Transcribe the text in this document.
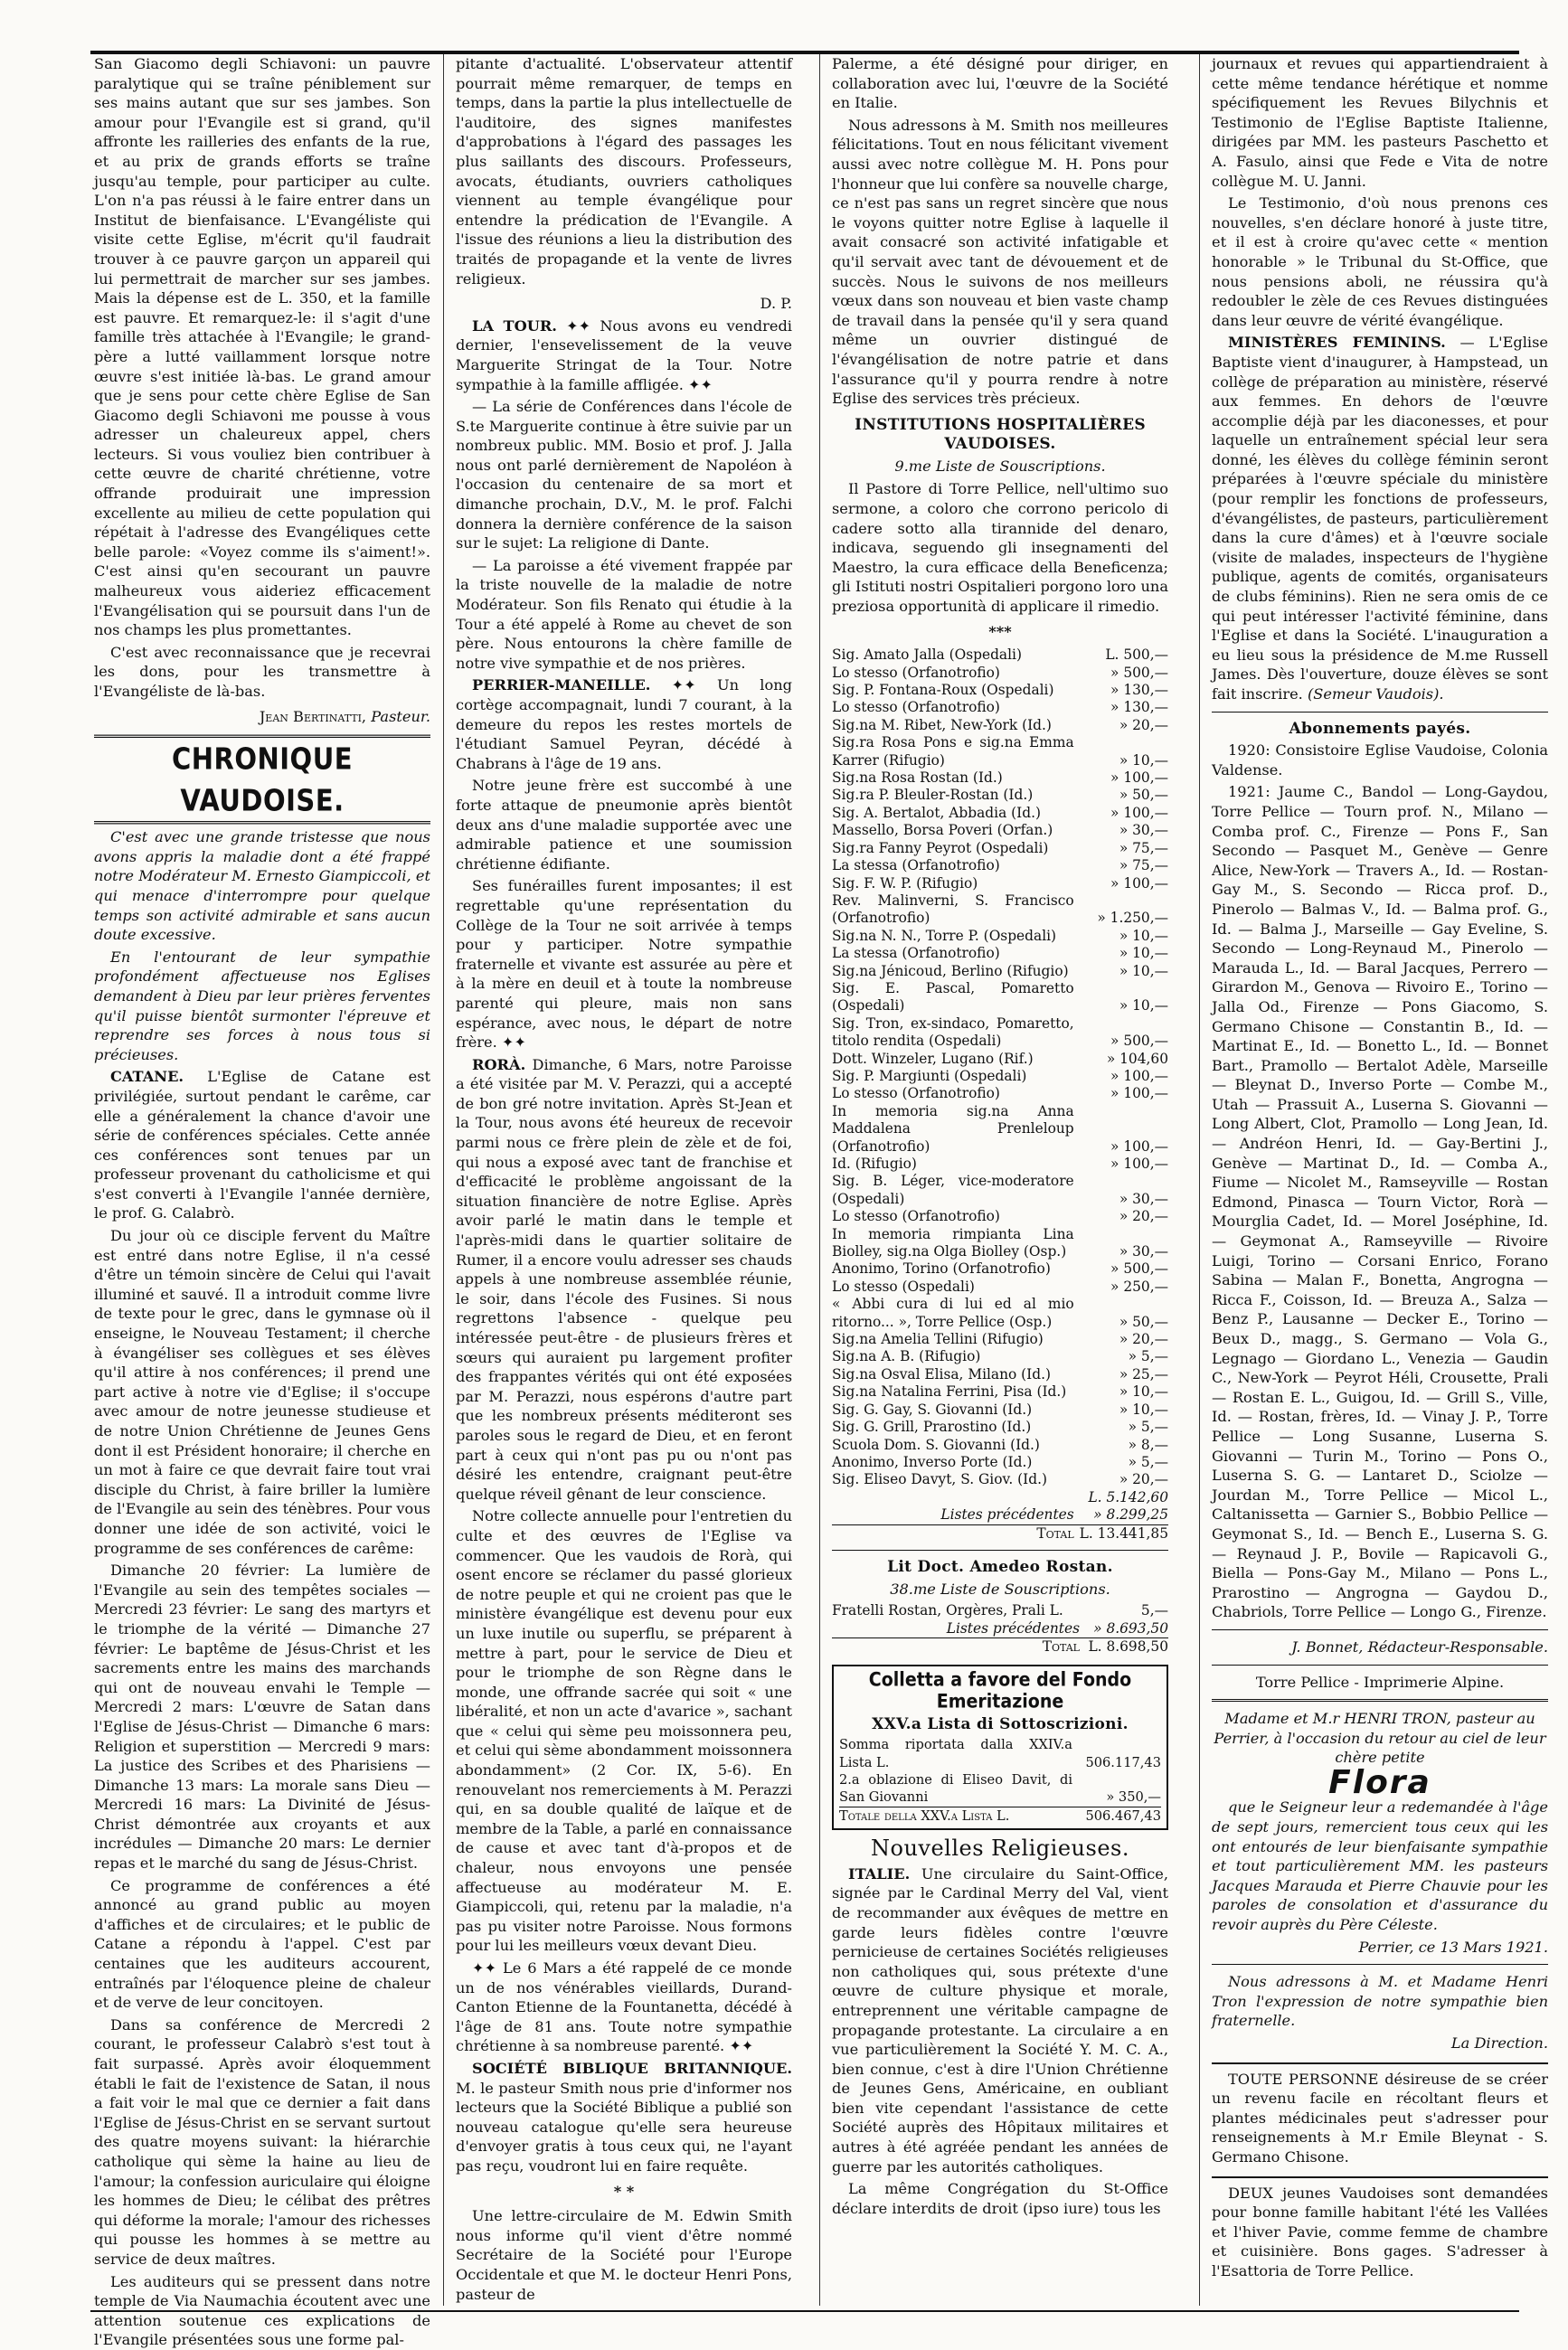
San Giacomo degli Schiavoni: un pauvre paralytique qui se traîne péniblement sur ses mains autant que sur ses jambes. Son amour pour l'Evangile est si grand, qu'il affronte les railleries des enfants de la rue, et au prix de grands efforts se traîne jusqu'au temple, pour participer au culte. L'on n'a pas réussi à le faire entrer dans un Institut de bienfaisance. L'Evangéliste qui visite cette Eglise, m'écrit qu'il faudrait trouver à ce pauvre garçon un appareil qui lui permettrait de marcher sur ses jambes. Mais la dépense est de L. 350, et la famille est pauvre. Et remarquez-le: il s'agit d'une famille très attachée à l'Evangile; le grand-père a lutté vaillamment lorsque notre œuvre s'est initiée là-bas. Le grand amour que je sens pour cette chère Eglise de San Giacomo degli Schiavoni me pousse à vous adresser un chaleureux appel, chers lecteurs. Si vous vouliez bien contribuer à cette œuvre de charité chrétienne, votre offrande produirait une impression excellente au milieu de cette population qui répétait à l'adresse des Evangéliques cette belle parole: «Voyez comme ils s'aiment!». C'est ainsi qu'en secourant un pauvre malheureux vous aideriez efficacement l'Evangélisation qui se poursuit dans l'un de nos champs les plus promettantes.

C'est avec reconnaissance que je recevrai les dons, pour les transmettre à l'Evangéliste de là-bas.

Jean Bertinatti, Pasteur.

CHRONIQUE VAUDOISE.

C'est avec une grande tristesse que nous avons appris la maladie dont a été frappé notre Modérateur M. Ernesto Giampiccoli, et qui menace d'interrompre pour quelque temps son activité admirable et sans aucun doute excessive.

En l'entourant de leur sympathie profondément affectueuse nos Eglises demandent à Dieu par leur prières ferventes qu'il puisse bientôt surmonter l'épreuve et reprendre ses forces à nous tous si précieuses.

CATANE. L'Eglise de Catane est privilégiée, surtout pendant le carême, car elle a généralement la chance d'avoir une série de conférences spéciales. Cette année ces conférences sont tenues par un professeur provenant du catholicisme et qui s'est converti à l'Evangile l'année dernière, le prof. G. Calabrò.

Du jour où ce disciple fervent du Maître est entré dans notre Eglise, il n'a cessé d'être un témoin sincère de Celui qui l'avait illuminé et sauvé. Il a introduit comme livre de texte pour le grec, dans le gymnase où il enseigne, le Nouveau Testament; il cherche à évangéliser ses collègues et ses élèves qu'il attire à nos conférences; il prend une part active à notre vie d'Eglise; il s'occupe avec amour de notre jeunesse studieuse et de notre Union Chrétienne de Jeunes Gens dont il est Président honoraire; il cherche en un mot à faire ce que devrait faire tout vrai disciple du Christ, à faire briller la lumière de l'Evangile au sein des ténèbres. Pour vous donner une idée de son activité, voici le programme de ses conférences de carême:

Dimanche 20 février: La lumière de l'Evangile au sein des tempêtes sociales — Mercredi 23 février: Le sang des martyrs et le triomphe de la vérité — Dimanche 27 février: Le baptême de Jésus-Christ et les sacrements entre les mains des marchands qui ont de nouveau envahi le Temple — Mercredi 2 mars: L'œuvre de Satan dans l'Eglise de Jésus-Christ — Dimanche 6 mars: Religion et superstition — Mercredi 9 mars: La justice des Scribes et des Pharisiens — Dimanche 13 mars: La morale sans Dieu — Mercredi 16 mars: La Divinité de Jésus-Christ démontrée aux croyants et aux incrédules — Dimanche 20 mars: Le dernier repas et le marché du sang de Jésus-Christ.

Ce programme de conférences a été annoncé au grand public au moyen d'affiches et de circulaires; et le public de Catane a répondu à l'appel. C'est par centaines que les auditeurs accourent, entraînés par l'éloquence pleine de chaleur et de verve de leur concitoyen.

Dans sa conférence de Mercredi 2 courant, le professeur Calabrò s'est tout à fait surpassé. Après avoir éloquemment établi le fait de l'existence de Satan, il nous a fait voir le mal que ce dernier a fait dans l'Eglise de Jésus-Christ en se servant surtout des quatre moyens suivant: la hiérarchie catholique qui sème la haine au lieu de l'amour; la confession auriculaire qui éloigne les hommes de Dieu; le célibat des prêtres qui déforme la morale; l'amour des richesses qui pousse les hommes à se mettre au service de deux maîtres.

Les auditeurs qui se pressent dans notre temple de Via Naumachia écoutent avec une attention soutenue ces explications de l'Evangile présentées sous une forme pal-

pitante d'actualité. L'observateur attentif pourrait même remarquer, de temps en temps, dans la partie la plus intellectuelle de l'auditoire, des signes manifestes d'approbations à l'égard des passages les plus saillants des discours. Professeurs, avocats, étudiants, ouvriers catholiques viennent au temple évangélique pour entendre la prédication de l'Evangile. A l'issue des réunions a lieu la distribution des traités de propagande et la vente de livres religieux.

D. P.

LA TOUR. ✦✦ Nous avons eu vendredi dernier, l'ensevelissement de la veuve Marguerite Stringat de la Tour. Notre sympathie à la famille affligée. ✦✦

— La série de Conférences dans l'école de S.te Marguerite continue à être suivie par un nombreux public. MM. Bosio et prof. J. Jalla nous ont parlé dernièrement de Napoléon à l'occasion du centenaire de sa mort et dimanche prochain, D.V., M. le prof. Falchi donnera la dernière conférence de la saison sur le sujet: La religione di Dante.

— La paroisse a été vivement frappée par la triste nouvelle de la maladie de notre Modérateur. Son fils Renato qui étudie à la Tour a été appelé à Rome au chevet de son père. Nous entourons la chère famille de notre vive sympathie et de nos prières.

PERRIER-MANEILLE. ✦✦ Un long cortège accompagnait, lundi 7 courant, à la demeure du repos les restes mortels de l'étudiant Samuel Peyran, décédé à Chabrans à l'âge de 19 ans.

Notre jeune frère est succombé à une forte attaque de pneumonie après bientôt deux ans d'une maladie supportée avec une admirable patience et une soumission chrétienne édifiante.

Ses funérailles furent imposantes; il est regrettable qu'une représentation du Collège de la Tour ne soit arrivée à temps pour y participer. Notre sympathie fraternelle et vivante est assurée au père et à la mère en deuil et à toute la nombreuse parenté qui pleure, mais non sans espérance, avec nous, le départ de notre frère. ✦✦

RORÀ. Dimanche, 6 Mars, notre Paroisse a été visitée par M. V. Perazzi, qui a accepté de bon gré notre invitation. Après St-Jean et la Tour, nous avons été heureux de recevoir parmi nous ce frère plein de zèle et de foi, qui nous a exposé avec tant de franchise et d'efficacité le problème angoissant de la situation financière de notre Eglise. Après avoir parlé le matin dans le temple et l'après-midi dans le quartier solitaire de Rumer, il a encore voulu adresser ses chauds appels à une nombreuse assemblée réunie, le soir, dans l'école des Fusines. Si nous regrettons l'absence - quelque peu intéressée peut-être - de plusieurs frères et sœurs qui auraient pu largement profiter des frappantes vérités qui ont été exposées par M. Perazzi, nous espérons d'autre part que les nombreux présents méditeront ses paroles sous le regard de Dieu, et en feront part à ceux qui n'ont pas pu ou n'ont pas désiré les entendre, craignant peut-être quelque réveil gênant de leur conscience.

Notre collecte annuelle pour l'entretien du culte et des œuvres de l'Eglise va commencer. Que les vaudois de Rorà, qui osent encore se réclamer du passé glorieux de notre peuple et qui ne croient pas que le ministère évangélique est devenu pour eux un luxe inutile ou superflu, se préparent à mettre à part, pour le service de Dieu et pour le triomphe de son Règne dans le monde, une offrande sacrée qui soit « une libéralité, et non un acte d'avarice », sachant que « celui qui sème peu moissonnera peu, et celui qui sème abondamment moissonnera abondamment» (2 Cor. IX, 5-6). En renouvelant nos remerciements à M. Perazzi qui, en sa double qualité de laïque et de membre de la Table, a parlé en connaissance de cause et avec tant d'à-propos et de chaleur, nous envoyons une pensée affectueuse au modérateur M. E. Giampiccoli, qui, retenu par la maladie, n'a pas pu visiter notre Paroisse. Nous formons pour lui les meilleurs vœux devant Dieu.

✦✦ Le 6 Mars a été rappelé de ce monde un de nos vénérables vieillards, Durand-Canton Etienne de la Fountanetta, décédé à l'âge de 81 ans. Toute notre sympathie chrétienne à sa nombreuse parenté. ✦✦

SOCIÉTÉ BIBLIQUE BRITANNIQUE. M. le pasteur Smith nous prie d'informer nos lecteurs que la Société Biblique a publié son nouveau catalogue qu'elle sera heureuse d'envoyer gratis à tous ceux qui, ne l'ayant pas reçu, voudront lui en faire requête.

* *

Une lettre-circulaire de M. Edwin Smith nous informe qu'il vient d'être nommé Secrétaire de la Société pour l'Europe Occidentale et que M. le docteur Henri Pons, pasteur de

Palerme, a été désigné pour diriger, en collaboration avec lui, l'œuvre de la Société en Italie.

Nous adressons à M. Smith nos meilleures félicitations. Tout en nous félicitant vivement aussi avec notre collègue M. H. Pons pour l'honneur que lui confère sa nouvelle charge, ce n'est pas sans un regret sincère que nous le voyons quitter notre Eglise à laquelle il avait consacré son activité infatigable et qu'il servait avec tant de dévouement et de succès. Nous le suivons de nos meilleurs vœux dans son nouveau et bien vaste champ de travail dans la pensée qu'il y sera quand même un ouvrier distingué de l'évangélisation de notre patrie et dans l'assurance qu'il y pourra rendre à notre Eglise des services très précieux.

INSTITUTIONS HOSPITALIÈRES VAUDOISES.
9.me Liste de Souscriptions.

Il Pastore di Torre Pellice, nell'ultimo suo sermone, a coloro che corrono pericolo di cadere sotto alla tirannide del denaro, indicava, seguendo gli insegnamenti del Maestro, la cura efficace della Beneficenza; gli Istituti nostri Ospitalieri porgono loro una preziosa opportunità di applicare il rimedio.

***

Sig. Amato Jalla (Ospedali)	L. 500,—
Lo stesso (Orfanotrofio)	» 500,—
Sig. P. Fontana-Roux (Ospedali)	» 130,—
Lo stesso (Orfanotrofio)	» 130,—
Sig.na M. Ribet, New-York (Id.)	» 20,—
Sig.ra Rosa Pons e sig.na Emma Karrer (Rifugio)	» 10,—
Sig.na Rosa Rostan (Id.)	» 100,—
Sig.ra P. Bleuler-Rostan (Id.)	» 50,—
Sig. A. Bertalot, Abbadia (Id.)	» 100,—
Massello, Borsa Poveri (Orfan.)	» 30,—
Sig.ra Fanny Peyrot (Ospedali)	» 75,—
La stessa (Orfanotrofio)	» 75,—
Sig. F. W. P. (Rifugio)	» 100,—
Rev. Malinverni, S. Francisco (Orfanotrofio)	» 1.250,—
Sig.na N. N., Torre P. (Ospedali)	» 10,—
La stessa (Orfanotrofio)	» 10,—
Sig.na Jénicoud, Berlino (Rifugio)	» 10,—
Sig. E. Pascal, Pomaretto (Ospedali)	» 10,—
Sig. Tron, ex-sindaco, Pomaretto, titolo rendita (Ospedali)	» 500,—
Dott. Winzeler, Lugano (Rif.)	» 104,60
Sig. P. Margiunti (Ospedali)	» 100,—
Lo stesso (Orfanotrofio)	» 100,—
In memoria sig.na Anna Maddalena Prenleloup (Orfanotrofio)	» 100,—
Id. (Rifugio)	» 100,—
Sig. B. Léger, vice-moderatore (Ospedali)	» 30,—
Lo stesso (Orfanotrofio)	» 20,—
In memoria rimpianta Lina Biolley, sig.na Olga Biolley (Osp.)	» 30,—
Anonimo, Torino (Orfanotrofio)	» 500,—
Lo stesso (Ospedali)	» 250,—
« Abbi cura di lui ed al mio ritorno... », Torre Pellice (Osp.)	» 50,—
Sig.na Amelia Tellini (Rifugio)	» 20,—
Sig.na A. B. (Rifugio)	» 5,—
Sig.na Osval Elisa, Milano (Id.)	» 25,—
Sig.na Natalina Ferrini, Pisa (Id.)	» 10,—
Sig. G. Gay, S. Giovanni (Id.)	» 10,—
Sig. G. Grill, Prarostino (Id.)	» 5,—
Scuola Dom. S. Giovanni (Id.)	» 8,—
Anonimo, Inverso Porte (Id.)	» 5,—
Sig. Eliseo Davyt, S. Giov. (Id.)	» 20,—
	L. 5.142,60
Listes précédentes	» 8.299,25
Total	L. 13.441,85
Lit Doct. Amedeo Rostan.
38.me Liste de Souscriptions.
Fratelli Rostan, Orgères, Prali L.	5,—
Listes précédentes	» 8.693,50
Total	L. 8.698,50
Colletta a favore del Fondo Emeritazione
XXV.a Lista di Sottoscrizioni.
Somma riportata dalla XXIV.a Lista L.	506.117,43
2.a oblazione di Eliseo Davit, di San Giovanni	» 350,—
Totale della XXV.a Lista L.	506.467,43
Nouvelles Religieuses.

ITALIE. Une circulaire du Saint-Office, signée par le Cardinal Merry del Val, vient de recommander aux évêques de mettre en garde leurs fidèles contre l'œuvre pernicieuse de certaines Sociétés religieuses non catholiques qui, sous prétexte d'une œuvre de culture physique et morale, entreprennent une véritable campagne de propagande protestante. La circulaire a en vue particulièrement la Société Y. M. C. A., bien connue, c'est à dire l'Union Chrétienne de Jeunes Gens, Américaine, en oubliant bien vite cependant l'assistance de cette Société auprès des Hôpitaux militaires et autres à été agréée pendant les années de guerre par les autorités catholiques.

La même Congrégation du St-Office déclare interdits de droit (ipso iure) tous les

journaux et revues qui appartiendraient à cette même tendance hérétique et nomme spécifiquement les Revues Bilychnis et Testimonio de l'Eglise Baptiste Italienne, dirigées par MM. les pasteurs Paschetto et A. Fasulo, ainsi que Fede e Vita de notre collègue M. U. Janni.

Le Testimonio, d'où nous prenons ces nouvelles, s'en déclare honoré à juste titre, et il est à croire qu'avec cette « mention honorable » le Tribunal du St-Office, que nous pensions aboli, ne réussira qu'à redoubler le zèle de ces Revues distinguées dans leur œuvre de vérité évangélique.

MINISTÈRES FEMININS. — L'Eglise Baptiste vient d'inaugurer, à Hampstead, un collège de préparation au ministère, réservé aux femmes. En dehors de l'œuvre accomplie déjà par les diaconesses, et pour laquelle un entraînement spécial leur sera donné, les élèves du collège féminin seront préparées à l'œuvre spéciale du ministère (pour remplir les fonctions de professeurs, d'évangélistes, de pasteurs, particulièrement dans la cure d'âmes) et à l'œuvre sociale (visite de malades, inspecteurs de l'hygiène publique, agents de comités, organisateurs de clubs féminins). Rien ne sera omis de ce qui peut intéresser l'activité féminine, dans l'Eglise et dans la Société. L'inauguration a eu lieu sous la présidence de M.me Russell James. Dès l'ouverture, douze élèves se sont fait inscrire. (Semeur Vaudois).

Abonnements payés.

1920: Consistoire Eglise Vaudoise, Colonia Valdense.

1921: Jaume C., Bandol — Long-Gaydou, Torre Pellice — Tourn prof. N., Milano — Comba prof. C., Firenze — Pons F., San Secondo — Pasquet M., Genève — Genre Alice, New-York — Travers A., Id. — Rostan-Gay M., S. Secondo — Ricca prof. D., Pinerolo — Balmas V., Id. — Balma prof. G., Id. — Balma J., Marseille — Gay Eveline, S. Secondo — Long-Reynaud M., Pinerolo — Marauda L., Id. — Baral Jacques, Perrero — Girardon M., Genova — Rivoiro E., Torino — Jalla Od., Firenze — Pons Giacomo, S. Germano Chisone — Constantin B., Id. — Martinat E., Id. — Bonetto L., Id. — Bonnet Bart., Pramollo — Bertalot Adèle, Marseille — Bleynat D., Inverso Porte — Combe M., Utah — Prassuit A., Luserna S. Giovanni — Long Albert, Clot, Pramollo — Long Jean, Id. — Andréon Henri, Id. — Gay-Bertini J., Genève — Martinat D., Id. — Comba A., Fiume — Nicolet M., Ramseyville — Rostan Edmond, Pinasca — Tourn Victor, Rorà — Mourglia Cadet, Id. — Morel Joséphine, Id. — Geymonat A., Ramseyville — Rivoire Luigi, Torino — Corsani Enrico, Forano Sabina — Malan F., Bonetta, Angrogna — Ricca F., Coisson, Id. — Breuza A., Salza — Benz P., Lausanne — Decker E., Torino — Beux D., magg., S. Germano — Vola G., Legnago — Giordano L., Venezia — Gaudin C., New-York — Peyrot Héli, Crousette, Prali — Rostan E. L., Guigou, Id. — Grill S., Ville, Id. — Rostan, frères, Id. — Vinay J. P., Torre Pellice — Long Susanne, Luserna S. Giovanni — Turin M., Torino — Pons O., Luserna S. G. — Lantaret D., Sciolze — Jourdan M., Torre Pellice — Micol L., Caltanissetta — Garnier S., Bobbio Pellice — Geymonat S., Id. — Bench E., Luserna S. G. — Reynaud J. P., Bovile — Rapicavoli G., Biella — Pons-Gay M., Milano — Pons L., Prarostino — Angrogna — Gaydou D., Chabriols, Torre Pellice — Longo G., Firenze.

J. Bonnet, Rédacteur-Responsable.

Torre Pellice - Imprimerie Alpine.

Madame et M.r HENRI TRON, pasteur au Perrier, à l'occasion du retour au ciel de leur chère petite

Flora

que le Seigneur leur a redemandée à l'âge de sept jours, remercient tous ceux qui les ont entourés de leur bienfaisante sympathie et tout particulièrement MM. les pasteurs Jacques Marauda et Pierre Chauvie pour les paroles de consolation et d'assurance du revoir auprès du Père Céleste.

Perrier, ce 13 Mars 1921.

Nous adressons à M. et Madame Henri Tron l'expression de notre sympathie bien fraternelle.

La Direction.

TOUTE PERSONNE désireuse de se créer un revenu facile en récoltant fleurs et plantes médicinales peut s'adresser pour renseignements à M.r Emile Bleynat - S. Germano Chisone.

DEUX jeunes Vaudoises sont demandées pour bonne famille habitant l'été les Vallées et l'hiver Pavie, comme femme de chambre et cuisinière. Bons gages. S'adresser à l'Esattoria de Torre Pellice.
